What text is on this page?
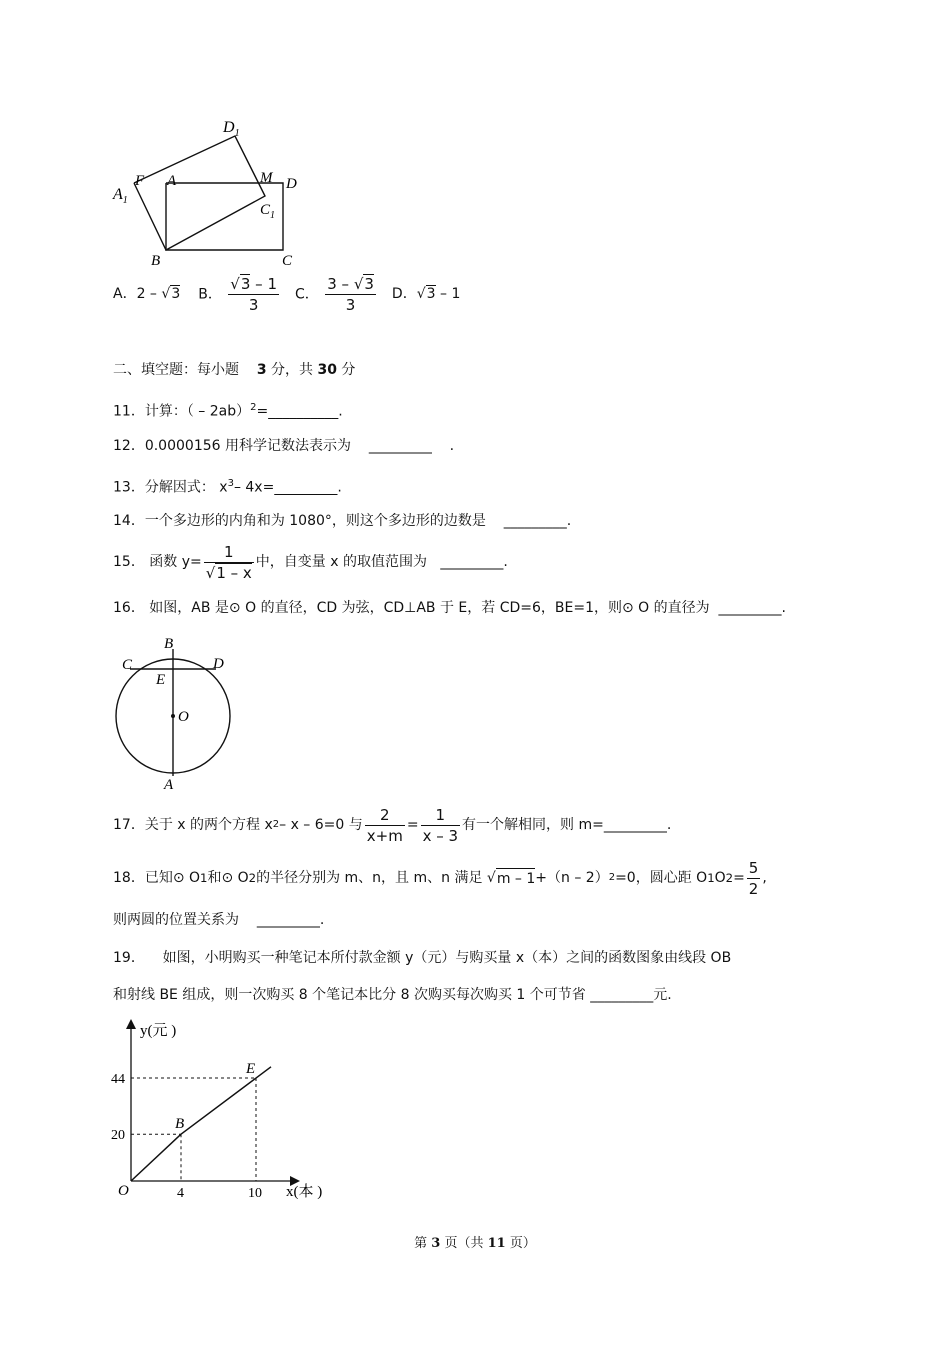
$D_1$
$A_1$
F A	M D
$C_1$
B	C
A．2 – √3 B． $\frac{√3 - 1}{3}$ C． $\frac{3 - √3}{3}$ D．√3 – 1
二、填空题：每小题 3 分，共 30 分
11．计算：（ – 2ab）$^2$=__________.
12．0.0000156 用科学记数法表示为 _________ .
13．分解因式： $x^3-$ 4x=_________.
14．一个多边形的内角和为 1080°，则这个多边形的边数是 _________.
15．
函数 $y= \frac{1}{√1 - x}$ 中，自变量 x 的取值范围为
_________ .
16． 如图，AB 是⊙ O 的直径，CD 为弦，CD⊥AB 于 E，若 CD=6，BE=1，则⊙ O 的直径为 _________.
B
C	D
E
O
A
17． 关于 x 的两个方程 x 2 – x – 6=0 与 $\frac{2}{x+m} = \frac{1}{x - 3}$ 有一个解相同，则 m=_________.
18． 已知⊙ O 1 和⊙ O 2 的半径分别为 m、n，且 m、n 满足 √ m – 1 +（n – 2） 2 =0，圆心距 O 1 O $2 = \frac{5}{2}$ ,
则两圆的位置关系为 _________.
19． 如图，小明购买一种笔记本所付款金额 y（元）与购买量 x（本）之间的函数图象由线段 OB
和射线 BE 组成，则一次购买 8 个笔记本比分 8 次购买每次购买 1 个可节省 _________元.
4	10
20
44
B
E
y(元 )
x(本 )
O
第 3 页（共 11 页）
